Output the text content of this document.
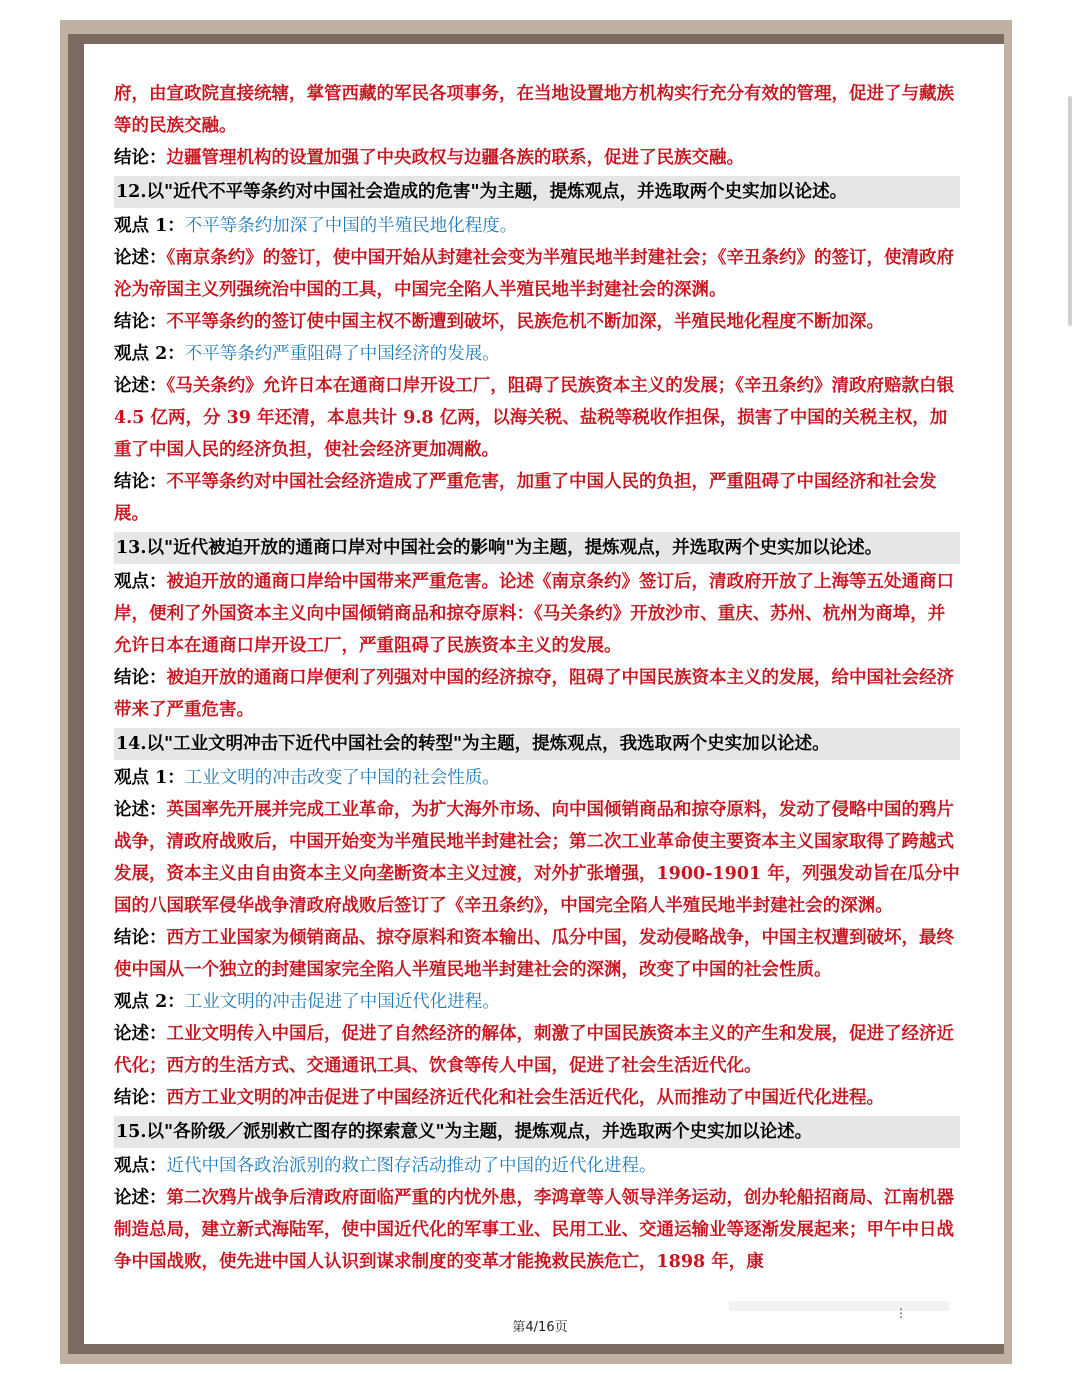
府，由宣政院直接统辖，掌管西藏的军民各项事务，在当地设置地方机构实行充分有效的管理，促进了与藏族等的民族交融。
结论：边疆管理机构的设置加强了中央政权与边疆各族的联系，促进了民族交融。
12.以"近代不平等条约对中国社会造成的危害"为主题，提炼观点，并选取两个史实加以论述。
观点 1：不平等条约加深了中国的半殖民地化程度。
论述：《南京条约》的签订，使中国开始从封建社会变为半殖民地半封建社会；《辛丑条约》的签订，使清政府沦为帝国主义列强统治中国的工具，中国完全陷人半殖民地半封建社会的深渊。
结论：不平等条约的签订使中国主权不断遭到破坏，民族危机不断加深，半殖民地化程度不断加深。
观点 2：不平等条约严重阻碍了中国经济的发展。
论述：《马关条约》允许日本在通商口岸开设工厂，阻碍了民族资本主义的发展；《辛丑条约》清政府赔款白银 4.5 亿两，分 39 年还清，本息共计 9.8 亿两，以海关税、盐税等税收作担保，损害了中国的关税主权，加重了中国人民的经济负担，使社会经济更加凋敝。
结论：不平等条约对中国社会经济造成了严重危害，加重了中国人民的负担，严重阻碍了中国经济和社会发展。
13.以"近代被迫开放的通商口岸对中国社会的影响"为主题，提炼观点，并选取两个史实加以论述。
观点：被迫开放的通商口岸给中国带来严重危害。论述《南京条约》签订后，清政府开放了上海等五处通商口岸，便利了外国资本主义向中国倾销商品和掠夺原料：《马关条约》开放沙市、重庆、苏州、杭州为商埠，并允许日本在通商口岸开设工厂，严重阻碍了民族资本主义的发展。
结论：被迫开放的通商口岸便利了列强对中国的经济掠夺，阻碍了中国民族资本主义的发展，给中国社会经济带来了严重危害。
14.以"工业文明冲击下近代中国社会的转型"为主题，提炼观点，我选取两个史实加以论述。
观点 1：工业文明的冲击改变了中国的社会性质。
论述：英国率先开展并完成工业革命，为扩大海外市场、向中国倾销商品和掠夺原料，发动了侵略中国的鸦片战争，清政府战败后，中国开始变为半殖民地半封建社会；第二次工业革命使主要资本主义国家取得了跨越式发展，资本主义由自由资本主义向垄断资本主义过渡，对外扩张增强，1900-1901 年，列强发动旨在瓜分中国的八国联军侵华战争清政府战败后签订了《辛丑条约》，中国完全陷人半殖民地半封建社会的深渊。
结论：西方工业国家为倾销商品、掠夺原料和资本输出、瓜分中国，发动侵略战争，中国主权遭到破坏，最终使中国从一个独立的封建国家完全陷人半殖民地半封建社会的深渊，改变了中国的社会性质。
观点 2：工业文明的冲击促进了中国近代化进程。
论述：工业文明传入中国后，促进了自然经济的解体，刺激了中国民族资本主义的产生和发展，促进了经济近代化；西方的生活方式、交通通讯工具、饮食等传人中国，促进了社会生活近代化。
结论：西方工业文明的冲击促进了中国经济近代化和社会生活近代化，从而推动了中国近代化进程。
15.以"各阶级／派别救亡图存的探索意义"为主题，提炼观点，并选取两个史实加以论述。
观点：近代中国各政治派别的救亡图存活动推动了中国的近代化进程。
论述：第二次鸦片战争后清政府面临严重的内忧外患，李鸿章等人领导洋务运动，创办轮船招商局、江南机器制造总局，建立新式海陆军，使中国近代化的军事工业、民用工业、交通运输业等逐渐发展起来；甲午中日战争中国战败，使先进中国人认识到谋求制度的变革才能挽救民族危亡，1898 年，康
⋮
第4/16页
